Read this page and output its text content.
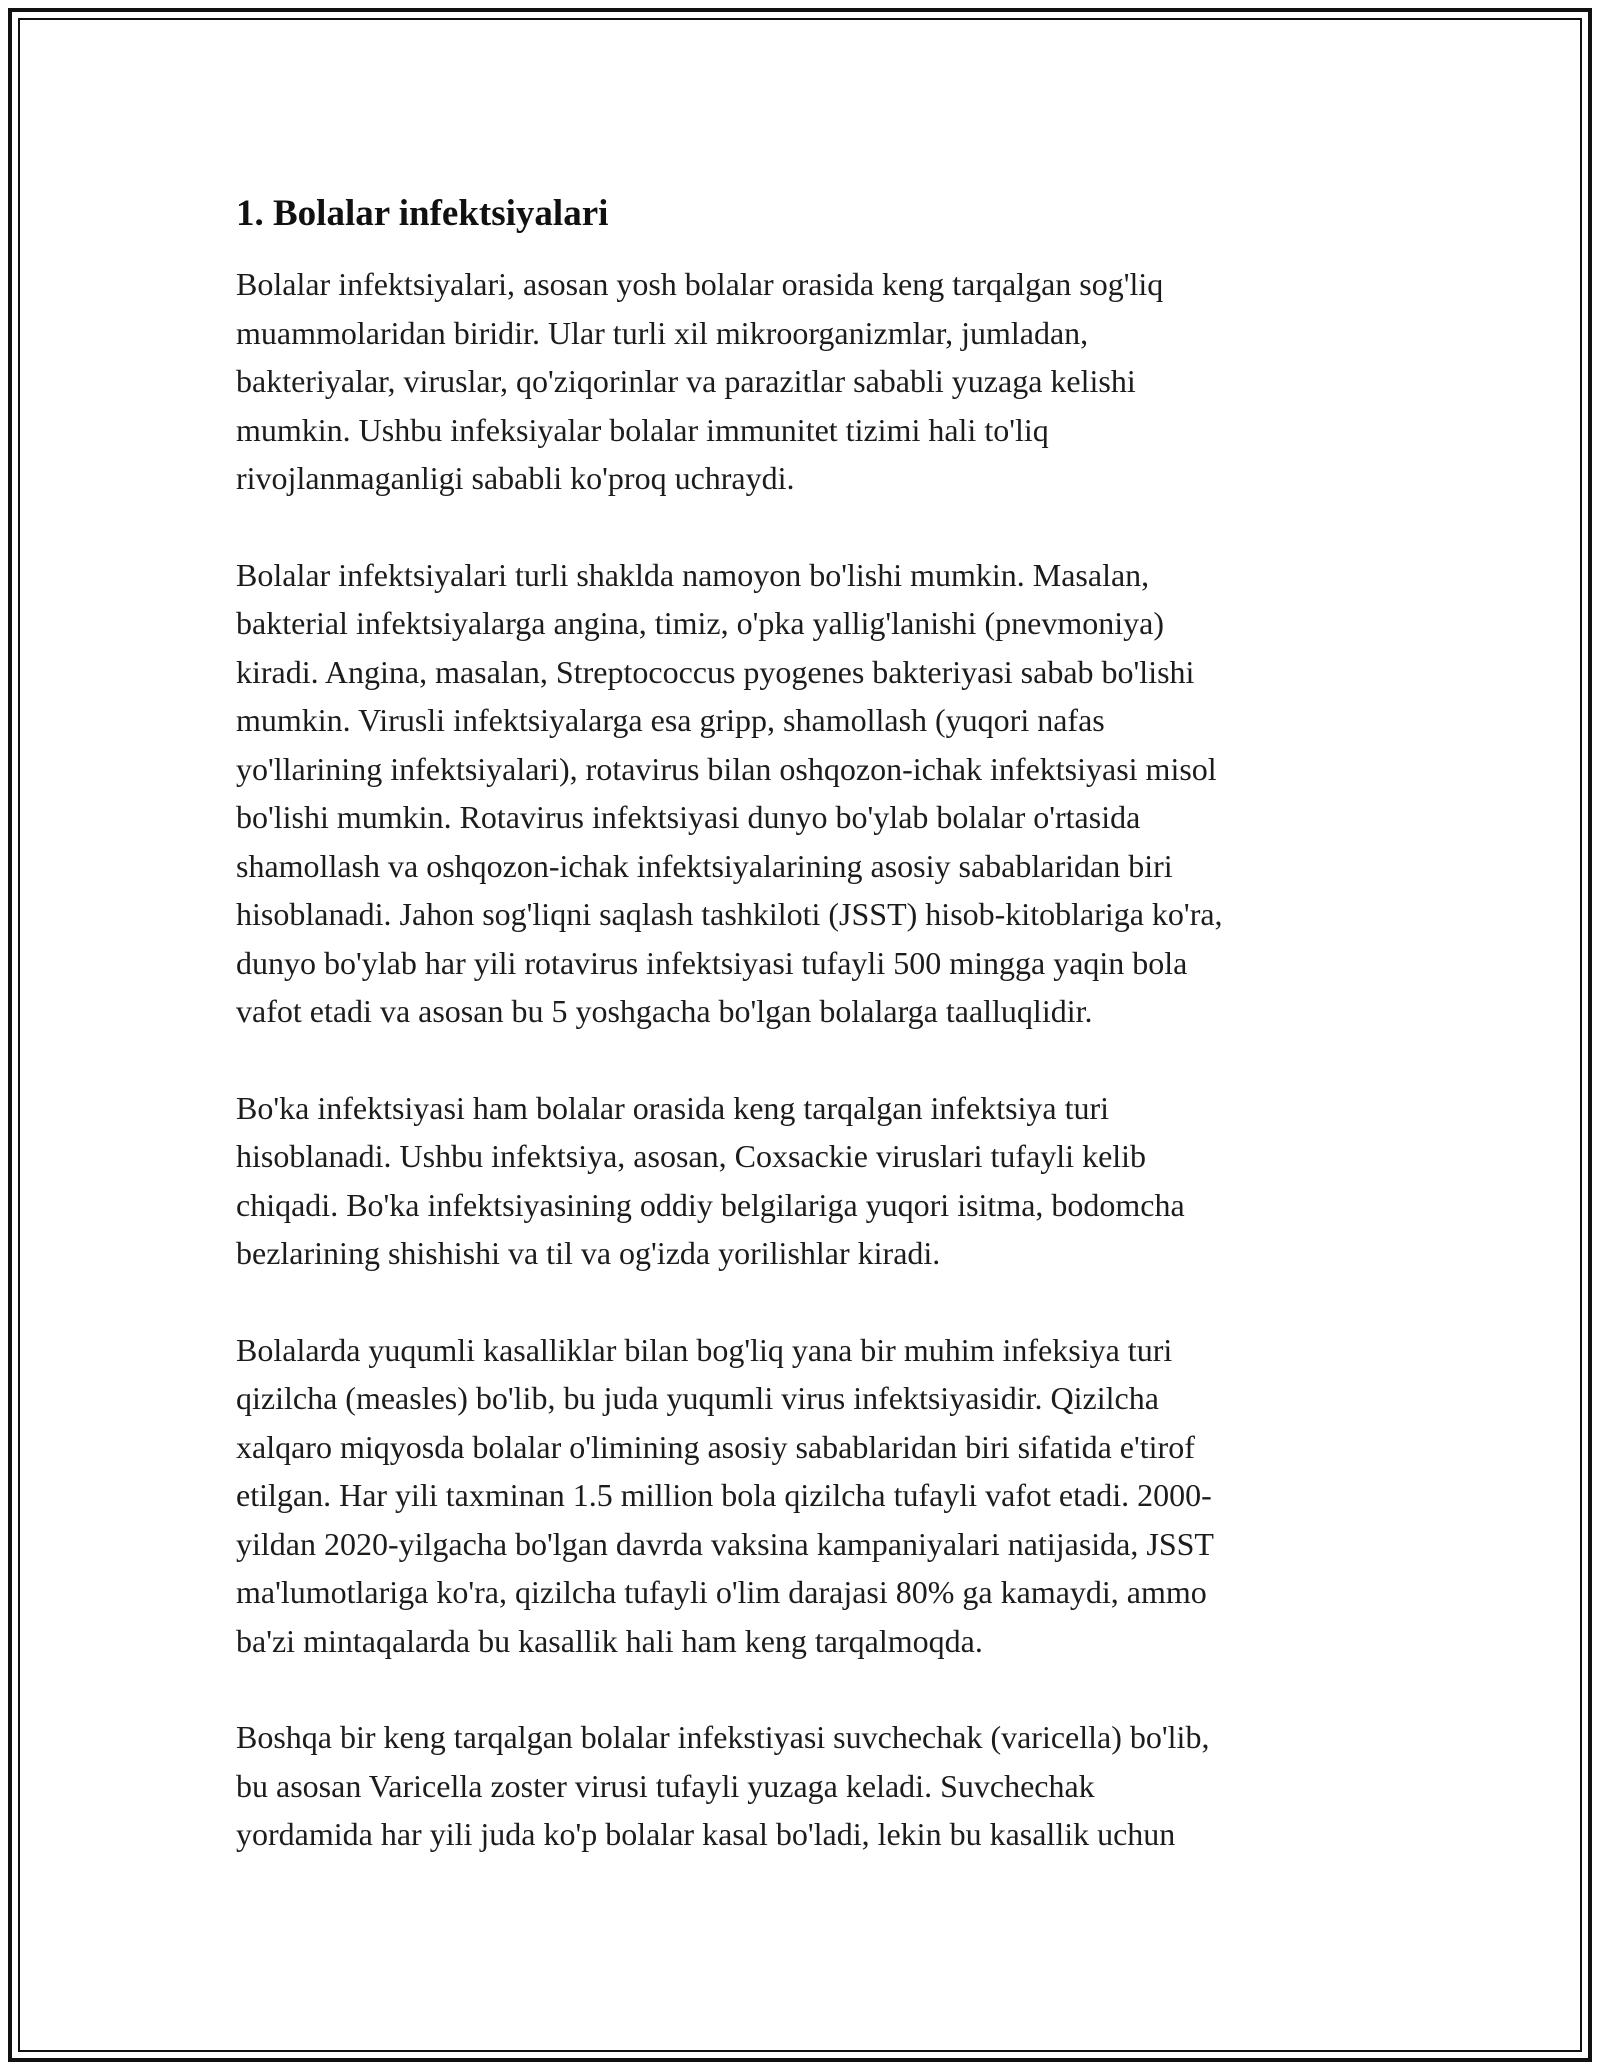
1. Bolalar infektsiyalari

Bolalar infektsiyalari, asosan yosh bolalar orasida keng tarqalgan sog'liq
muammolaridan biridir. Ular turli xil mikroorganizmlar, jumladan,
bakteriyalar, viruslar, qo'ziqorinlar va parazitlar sababli yuzaga kelishi
mumkin. Ushbu infeksiyalar bolalar immunitet tizimi hali to'liq
rivojlanmaganligi sababli ko'proq uchraydi.

Bolalar infektsiyalari turli shaklda namoyon bo'lishi mumkin. Masalan,
bakterial infektsiyalarga angina, timiz, o'pka yallig'lanishi (pnevmoniya)
kiradi. Angina, masalan, Streptococcus pyogenes bakteriyasi sabab bo'lishi
mumkin. Virusli infektsiyalarga esa gripp, shamollash (yuqori nafas
yo'llarining infektsiyalari), rotavirus bilan oshqozon-ichak infektsiyasi misol
bo'lishi mumkin. Rotavirus infektsiyasi dunyo bo'ylab bolalar o'rtasida
shamollash va oshqozon-ichak infektsiyalarining asosiy sabablaridan biri
hisoblanadi. Jahon sog'liqni saqlash tashkiloti (JSST) hisob-kitoblariga ko'ra,
dunyo bo'ylab har yili rotavirus infektsiyasi tufayli 500 mingga yaqin bola
vafot etadi va asosan bu 5 yoshgacha bo'lgan bolalarga taalluqlidir.

Bo'ka infektsiyasi ham bolalar orasida keng tarqalgan infektsiya turi
hisoblanadi. Ushbu infektsiya, asosan, Coxsackie viruslari tufayli kelib
chiqadi. Bo'ka infektsiyasining oddiy belgilariga yuqori isitma, bodomcha
bezlarining shishishi va til va og'izda yorilishlar kiradi.

Bolalarda yuqumli kasalliklar bilan bog'liq yana bir muhim infeksiya turi
qizilcha (measles) bo'lib, bu juda yuqumli virus infektsiyasidir. Qizilcha
xalqaro miqyosda bolalar o'limining asosiy sabablaridan biri sifatida e'tirof
etilgan. Har yili taxminan 1.5 million bola qizilcha tufayli vafot etadi. 2000-
yildan 2020-yilgacha bo'lgan davrda vaksina kampaniyalari natijasida, JSST
ma'lumotlariga ko'ra, qizilcha tufayli o'lim darajasi 80% ga kamaydi, ammo
ba'zi mintaqalarda bu kasallik hali ham keng tarqalmoqda.

Boshqa bir keng tarqalgan bolalar infekstiyasi suvchechak (varicella) bo'lib,
bu asosan Varicella zoster virusi tufayli yuzaga keladi. Suvchechak
yordamida har yili juda ko'p bolalar kasal bo'ladi, lekin bu kasallik uchun
